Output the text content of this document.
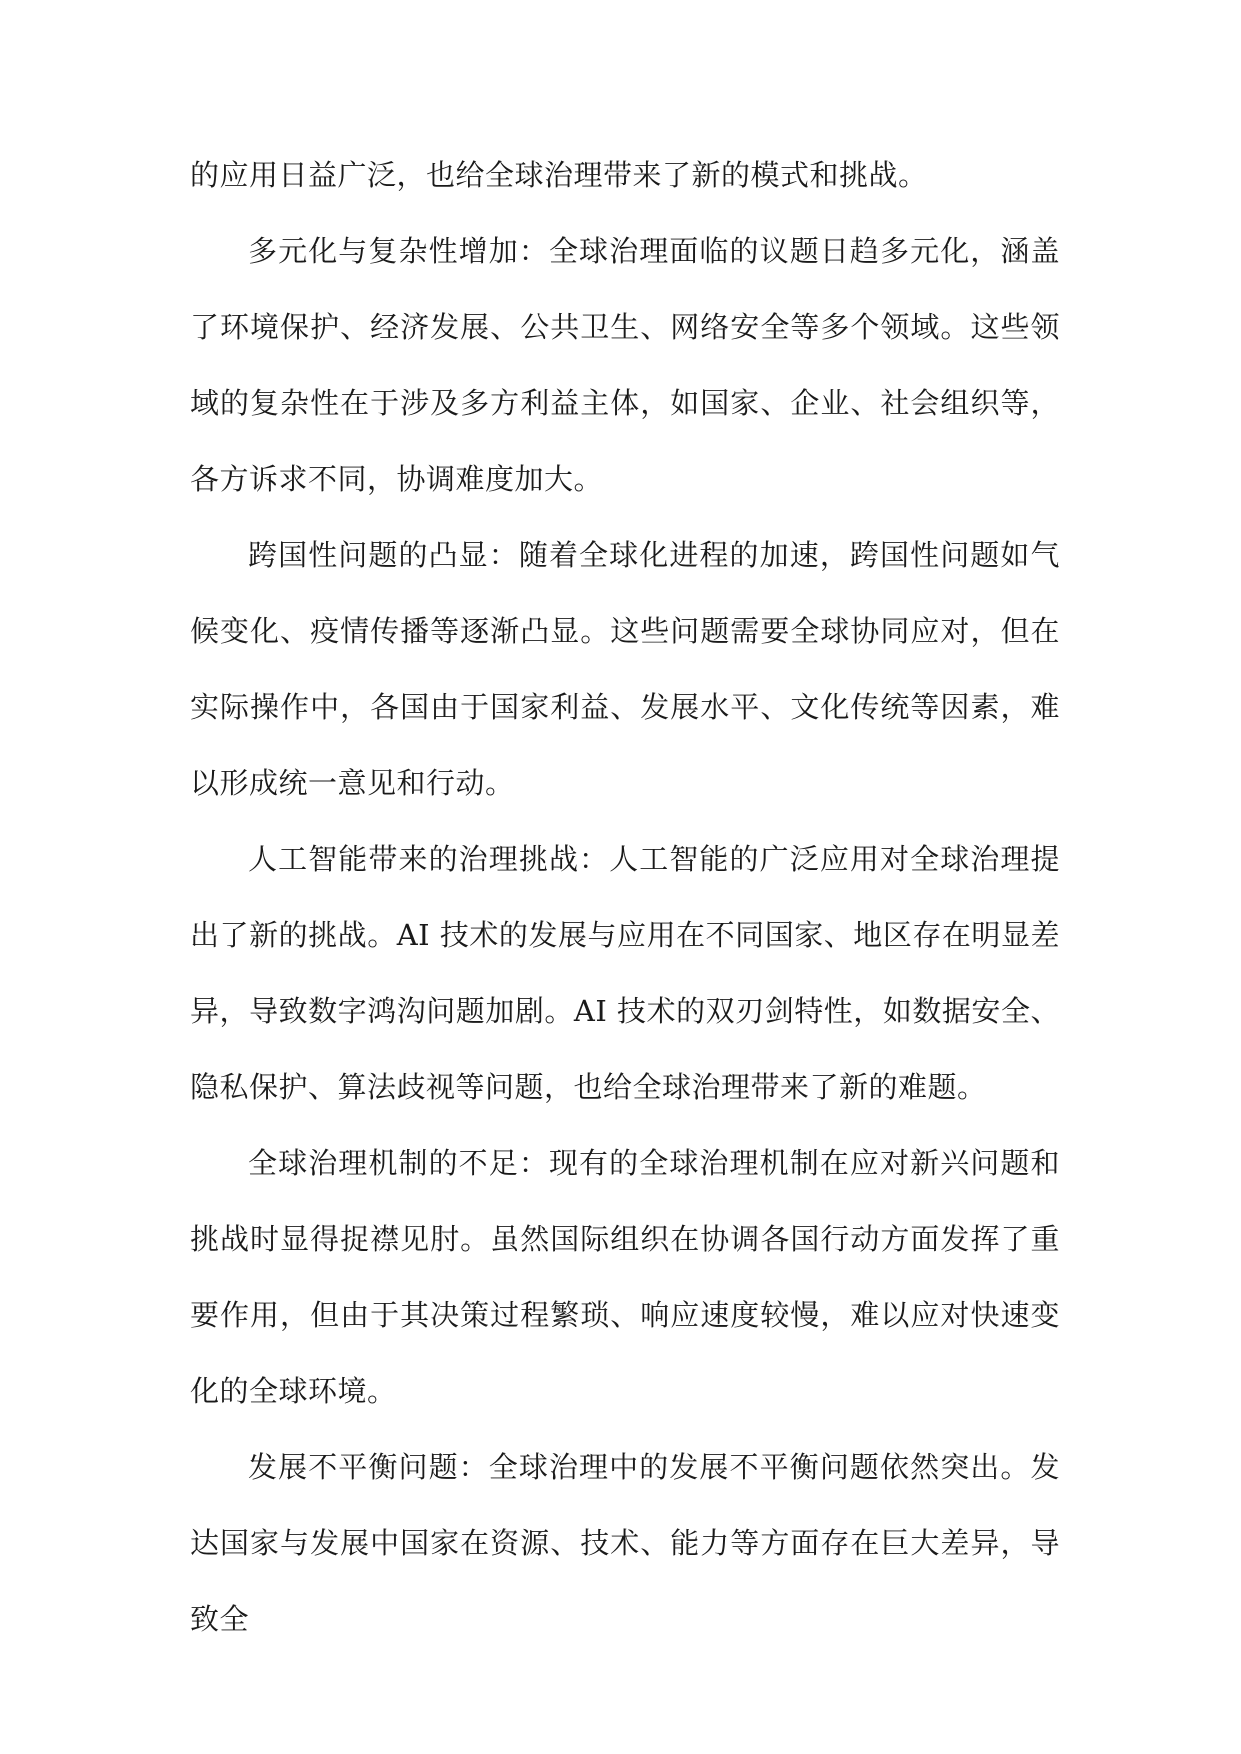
的应用日益广泛，也给全球治理带来了新的模式和挑战。

多元化与复杂性增加：全球治理面临的议题日趋多元化，涵盖了环境保护、经济发展、公共卫生、网络安全等多个领域。这些领域的复杂性在于涉及多方利益主体，如国家、企业、社会组织等，各方诉求不同，协调难度加大。

跨国性问题的凸显：随着全球化进程的加速，跨国性问题如气候变化、疫情传播等逐渐凸显。这些问题需要全球协同应对，但在实际操作中，各国由于国家利益、发展水平、文化传统等因素，难以形成统一意见和行动。

人工智能带来的治理挑战：人工智能的广泛应用对全球治理提出了新的挑战。AI 技术的发展与应用在不同国家、地区存在明显差异，导致数字鸿沟问题加剧。AI 技术的双刃剑特性，如数据安全、隐私保护、算法歧视等问题，也给全球治理带来了新的难题。

全球治理机制的不足：现有的全球治理机制在应对新兴问题和挑战时显得捉襟见肘。虽然国际组织在协调各国行动方面发挥了重要作用，但由于其决策过程繁琐、响应速度较慢，难以应对快速变化的全球环境。

发展不平衡问题：全球治理中的发展不平衡问题依然突出。发达国家与发展中国家在资源、技术、能力等方面存在巨大差异，导致全
